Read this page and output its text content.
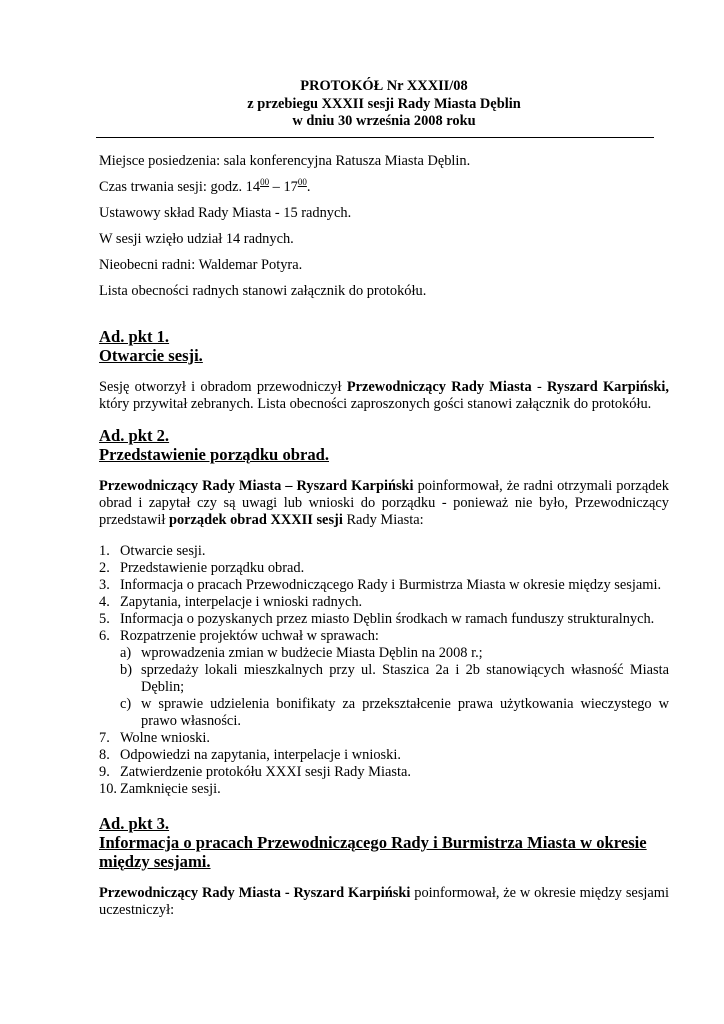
PROTOKÓŁ Nr XXXII/08
z przebiegu XXXII sesji Rady Miasta Dęblin
w dniu 30 września 2008 roku

Miejsce posiedzenia: sala konferencyjna Ratusza Miasta Dęblin.

Czas trwania sesji: godz. $14^{00} - 17^{00}$.

Ustawowy skład Rady Miasta - 15 radnych.

W sesji wzięło udział 14 radnych.

Nieobecni radni: Waldemar Potyra.

Lista obecności radnych stanowi załącznik do protokółu.

Ad. pkt 1.
Otwarcie sesji.

Sesję otworzył i obradom przewodniczył Przewodniczący Rady Miasta - Ryszard Karpiński, który przywitał zebranych. Lista obecności zaproszonych gości stanowi załącznik do protokółu.

Ad. pkt 2.
Przedstawienie porządku obrad.

Przewodniczący Rady Miasta – Ryszard Karpiński poinformował, że radni otrzymali porządek obrad i zapytał czy są uwagi lub wnioski do porządku - ponieważ nie było, Przewodniczący przedstawił porządek obrad XXXII sesji Rady Miasta:

1. Otwarcie sesji.
2. Przedstawienie porządku obrad.
3. Informacja o pracach Przewodniczącego Rady i Burmistrza Miasta w okresie między sesjami.
4. Zapytania, interpelacje i wnioski radnych.
5. Informacja o pozyskanych przez miasto Dęblin środkach w ramach funduszy strukturalnych.
6. Rozpatrzenie projektów uchwał w sprawach:
a) wprowadzenia zmian w budżecie Miasta Dęblin na 2008 r.;
b) sprzedaży lokali mieszkalnych przy ul. Staszica 2a i 2b stanowiących własność Miasta Dęblin;
c) w sprawie udzielenia bonifikaty za przekształcenie prawa użytkowania wieczystego w prawo własności.
7. Wolne wnioski.
8. Odpowiedzi na zapytania, interpelacje i wnioski.
9. Zatwierdzenie protokółu XXXI sesji Rady Miasta.
10. Zamknięcie sesji.
Ad. pkt 3.
Informacja o pracach Przewodniczącego Rady i Burmistrza Miasta w okresie między sesjami.

Przewodniczący Rady Miasta - Ryszard Karpiński poinformował, że w okresie między sesjami uczestniczył:
